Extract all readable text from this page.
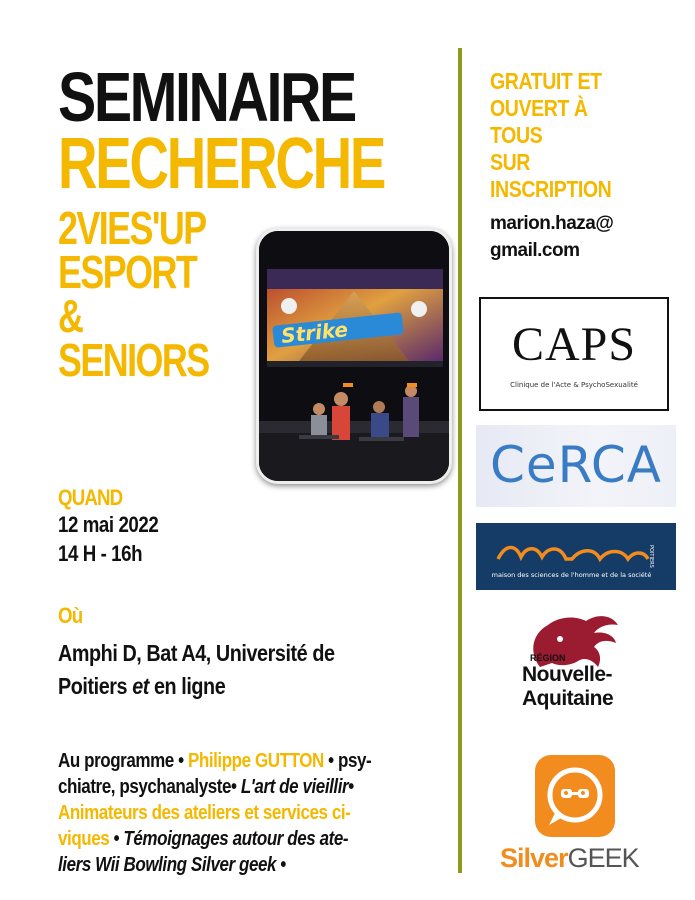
SEMINAIRE
RECHERCHE
2VIES'UP
ESPORT
&
SENIORS
Strike
GRATUIT ET
OUVERT À TOUS
SUR
INSCRIPTION
marion.haza@
gmail.com
CAPS
Clinique de l'Acte & PsychoSexualité
CeRCA
maison des sciences de l'homme et de la société
POITIERS
RÉGION
Nouvelle-
Aquitaine
SilverGEEK
QUAND
12 mai 2022
14 H - 16h
Où
Amphi D, Bat A4, Université de
Poitiers et en ligne
Au programme • Philippe GUTTON • psy-
chiatre, psychanalyste• L'art de vieillir•
Animateurs des ateliers et services ci-
viques • Témoignages autour des ate-
liers Wii Bowling Silver geek •
